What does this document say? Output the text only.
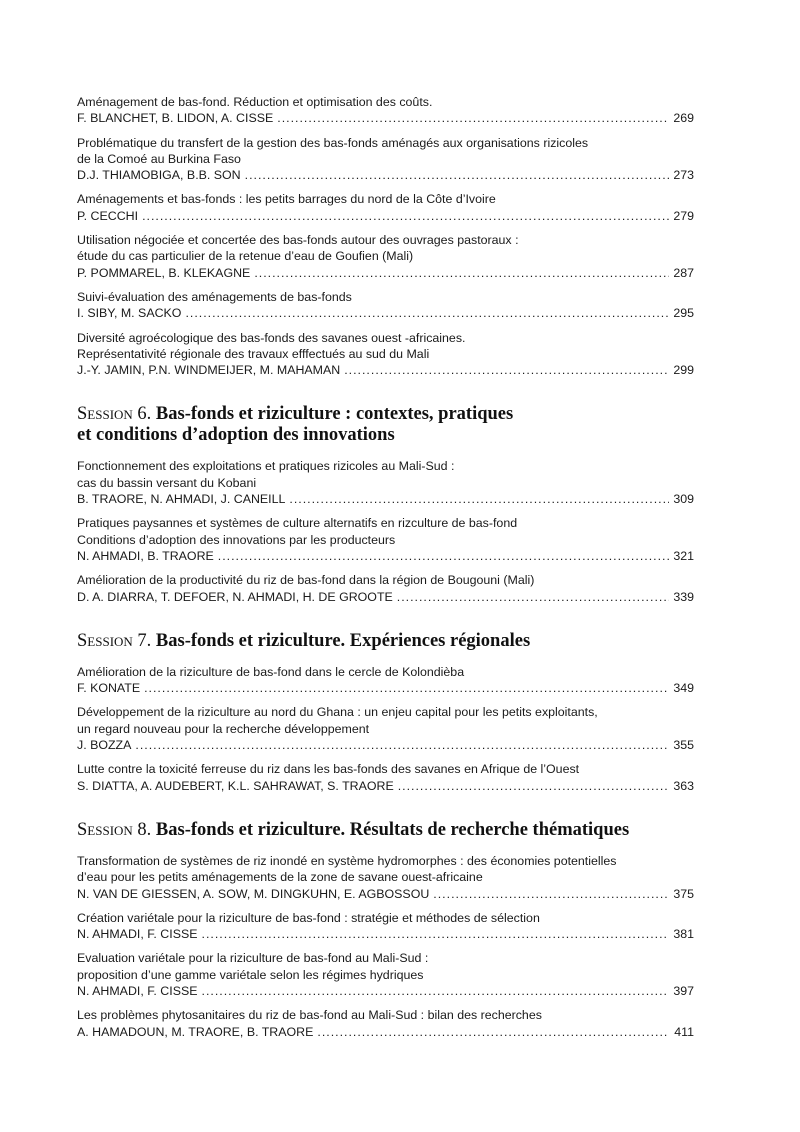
Aménagement de bas-fond. Réduction et optimisation des coûts.
F. BLANCHET, B. LIDON, A. CISSE .....	269
Problématique du transfert de la gestion des bas-fonds aménagés aux organisations rizicoles
de la Comoé au Burkina Faso
D.J. THIAMOBIGA, B.B. SON .....	273
Aménagements et bas-fonds : les petits barrages du nord de la Côte d’Ivoire
P. CECCHI .....	279
Utilisation négociée et concertée des bas-fonds autour des ouvrages pastoraux :
étude du cas particulier de la retenue d’eau de Goufien (Mali)
P. POMMAREL, B. KLEKAGNE .....	287
Suivi-évaluation des aménagements de bas-fonds
I. SIBY, M. SACKO .....	295
Diversité agroécologique des bas-fonds des savanes ouest -africaines.
Représentativité régionale des travaux efffectués au sud du Mali
J.-Y. JAMIN, P.N. WINDMEIJER, M. MAHAMAN .....	299
Session 6. Bas-fonds et riziculture : contextes, pratiques
et conditions d’adoption des innovations
Fonctionnement des exploitations et pratiques rizicoles au Mali-Sud :
cas du bassin versant du Kobani
B. TRAORE, N. AHMADI, J. CANEILL .....	309
Pratiques paysannes et systèmes de culture alternatifs en rizculture de bas-fond
Conditions d’adoption des innovations par les producteurs
N. AHMADI, B. TRAORE .....	321
Amélioration de la productivité du riz de bas-fond dans la région de Bougouni (Mali)
D. A. DIARRA, T. DEFOER, N. AHMADI, H. DE GROOTE .....	339
Session 7. Bas-fonds et riziculture. Expériences régionales
Amélioration de la riziculture de bas-fond dans le cercle de Kolondièba
F. KONATE .....	349
Développement de la riziculture au nord du Ghana : un enjeu capital pour les petits exploitants,
un regard nouveau pour la recherche développement
J. BOZZA .....	355
Lutte contre la toxicité ferreuse du riz dans les bas-fonds des savanes en Afrique de l’Ouest
S. DIATTA, A. AUDEBERT, K.L. SAHRAWAT, S. TRAORE .....	363
Session 8. Bas-fonds et riziculture. Résultats de recherche thématiques
Transformation de systèmes de riz inondé en système hydromorphes : des économies potentielles
d’eau pour les petits aménagements de la zone de savane ouest-africaine
N. VAN DE GIESSEN, A. SOW, M. DINGKUHN, E. AGBOSSOU .....	375
Création variétale pour la riziculture de bas-fond : stratégie et méthodes de sélection
N. AHMADI, F. CISSE .....	381
Evaluation variétale pour la riziculture de bas-fond au Mali-Sud :
proposition d’une gamme variétale selon les régimes hydriques
N. AHMADI, F. CISSE .....	397
Les problèmes phytosanitaires du riz de bas-fond au Mali-Sud : bilan des recherches
A. HAMADOUN, M. TRAORE, B. TRAORE .....	411
